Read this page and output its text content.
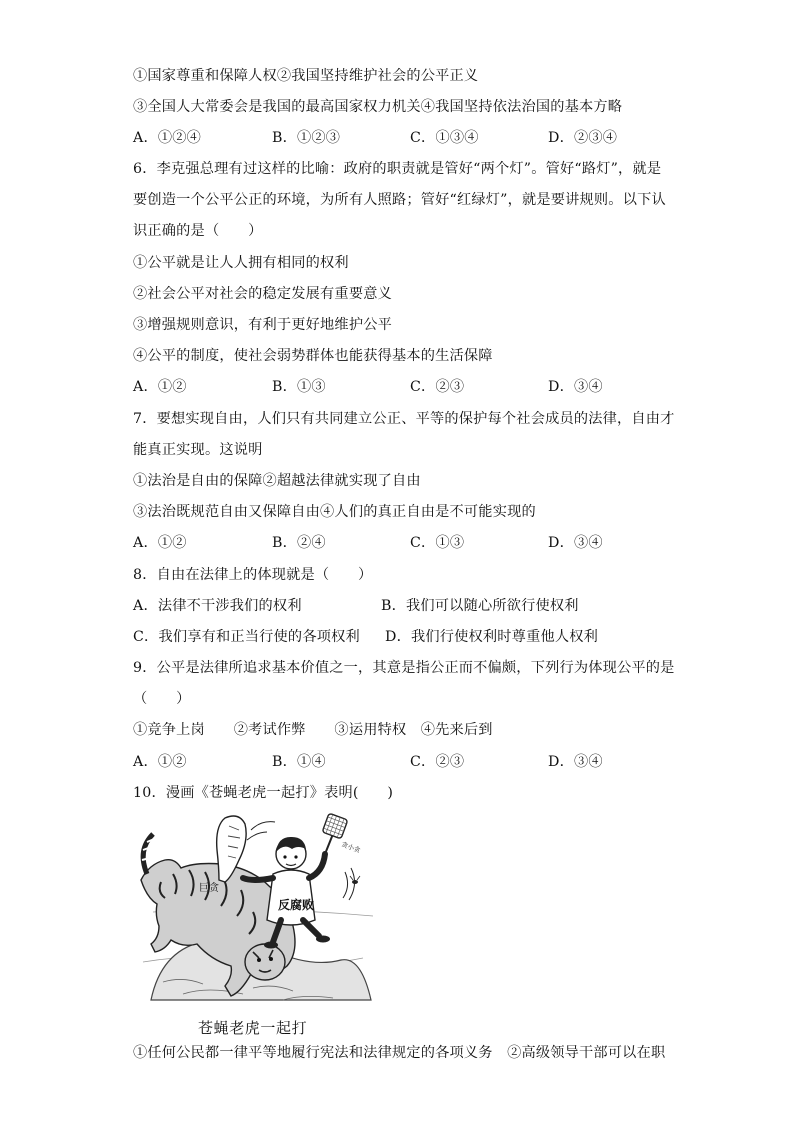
①国家尊重和保障人权②我国坚持维护社会的公平正义
③全国人大常委会是我国的最高国家权力机关④我国坚持依法治国的基本方略
A．①②④	B．①②③	C．①③④	D．②③④
6．李克强总理有过这样的比喻：政府的职责就是管好“两个灯”。管好“路灯”，就是
要创造一个公平公正的环境，为所有人照路；管好“红绿灯”，就是要讲规则。以下认
识正确的是（　　）
①公平就是让人人拥有相同的权利
②社会公平对社会的稳定发展有重要意义
③增强规则意识，有利于更好地维护公平
④公平的制度，使社会弱势群体也能获得基本的生活保障
A．①②	B．①③	C．②③	D．③④
7．要想实现自由，人们只有共同建立公正、平等的保护每个社会成员的法律，自由才
能真正实现。这说明
①法治是自由的保障②超越法律就实现了自由
③法治既规范自由又保障自由④人们的真正自由是不可能实现的
A．①②	B．②④	C．①③	D．③④
8．自由在法律上的体现就是（　　）
A．法律不干涉我们的权利	B．我们可以随心所欲行使权利
C．我们享有和正当行使的各项权利 D．我们行使权利时尊重他人权利
9．公平是法律所追求基本价值之一，其意是指公正而不偏颇，下列行为体现公平的是
（　　）
①竞争上岗　　②考试作弊　　③运用特权　④先来后到
A．①②	B．①④	C．②③	D．③④
10．漫画《苍蝇老虎一起打》表明(　　)
巨贪
反腐败
贪小贪
苍蝇老虎一起打
①任何公民都一律平等地履行宪法和法律规定的各项义务　②高级领导干部可以在职
